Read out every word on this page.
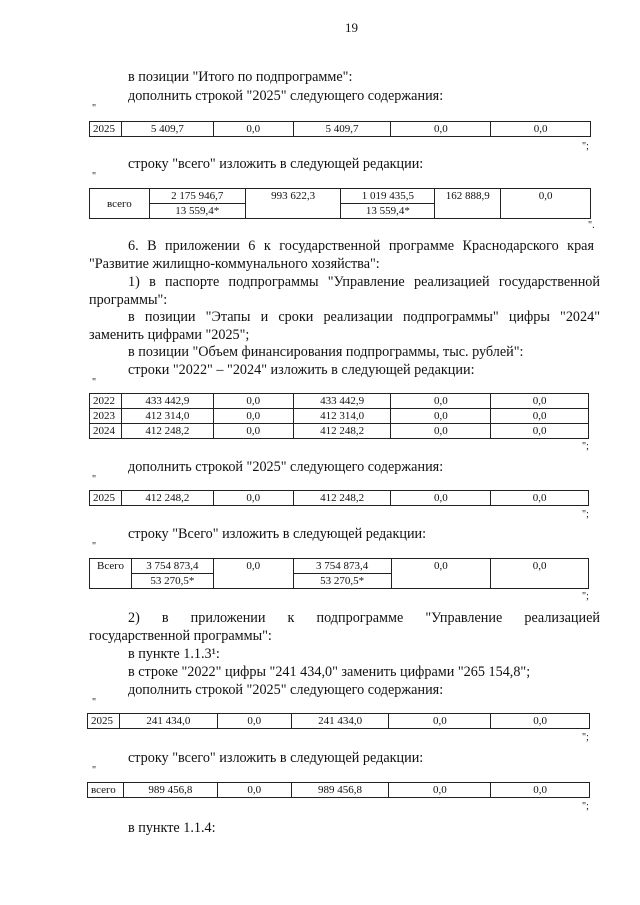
19
в позиции "Итого по подпрограмме":
дополнить строкой "2025" следующего содержания:
"
2025	5 409,7	0,0	5 409,7	0,0	0,0
";
строку "всего" изложить в следующей редакции:
"
всего	2 175 946,7	993 622,3	1 019 435,5	162 888,9	0,0
	13 559,4*		13 559,4*		
".
6. В приложении 6 к государственной программе Краснодарского края
"Развитие жилищно-коммунального хозяйства":
1) в паспорте подпрограммы "Управление реализацией государственной
программы":
в позиции "Этапы и сроки реализации подпрограммы" цифры "2024"
заменить цифрами "2025";
в позиции "Объем финансирования подпрограммы, тыс. рублей":
строки "2022" – "2024" изложить в следующей редакции:
"
2022	433 442,9	0,0	433 442,9	0,0	0,0
2023	412 314,0	0,0	412 314,0	0,0	0,0
2024	412 248,2	0,0	412 248,2	0,0	0,0
";
дополнить строкой "2025" следующего содержания:
"
2025	412 248,2	0,0	412 248,2	0,0	0,0
";
строку "Всего" изложить в следующей редакции:
"
Всего	3 754 873,4	0,0	3 754 873,4	0,0	0,0
	53 270,5*		53 270,5*		
";
2) в приложении к подпрограмме "Управление реализацией
государственной программы":
в пункте 1.1.3¹:
в строке "2022" цифры "241 434,0" заменить цифрами "265 154,8";
дополнить строкой "2025" следующего содержания:
"
2025	241 434,0	0,0	241 434,0	0,0	0,0
";
строку "всего" изложить в следующей редакции:
"
всего	989 456,8	0,0	989 456,8	0,0	0,0
";
в пункте 1.1.4:
